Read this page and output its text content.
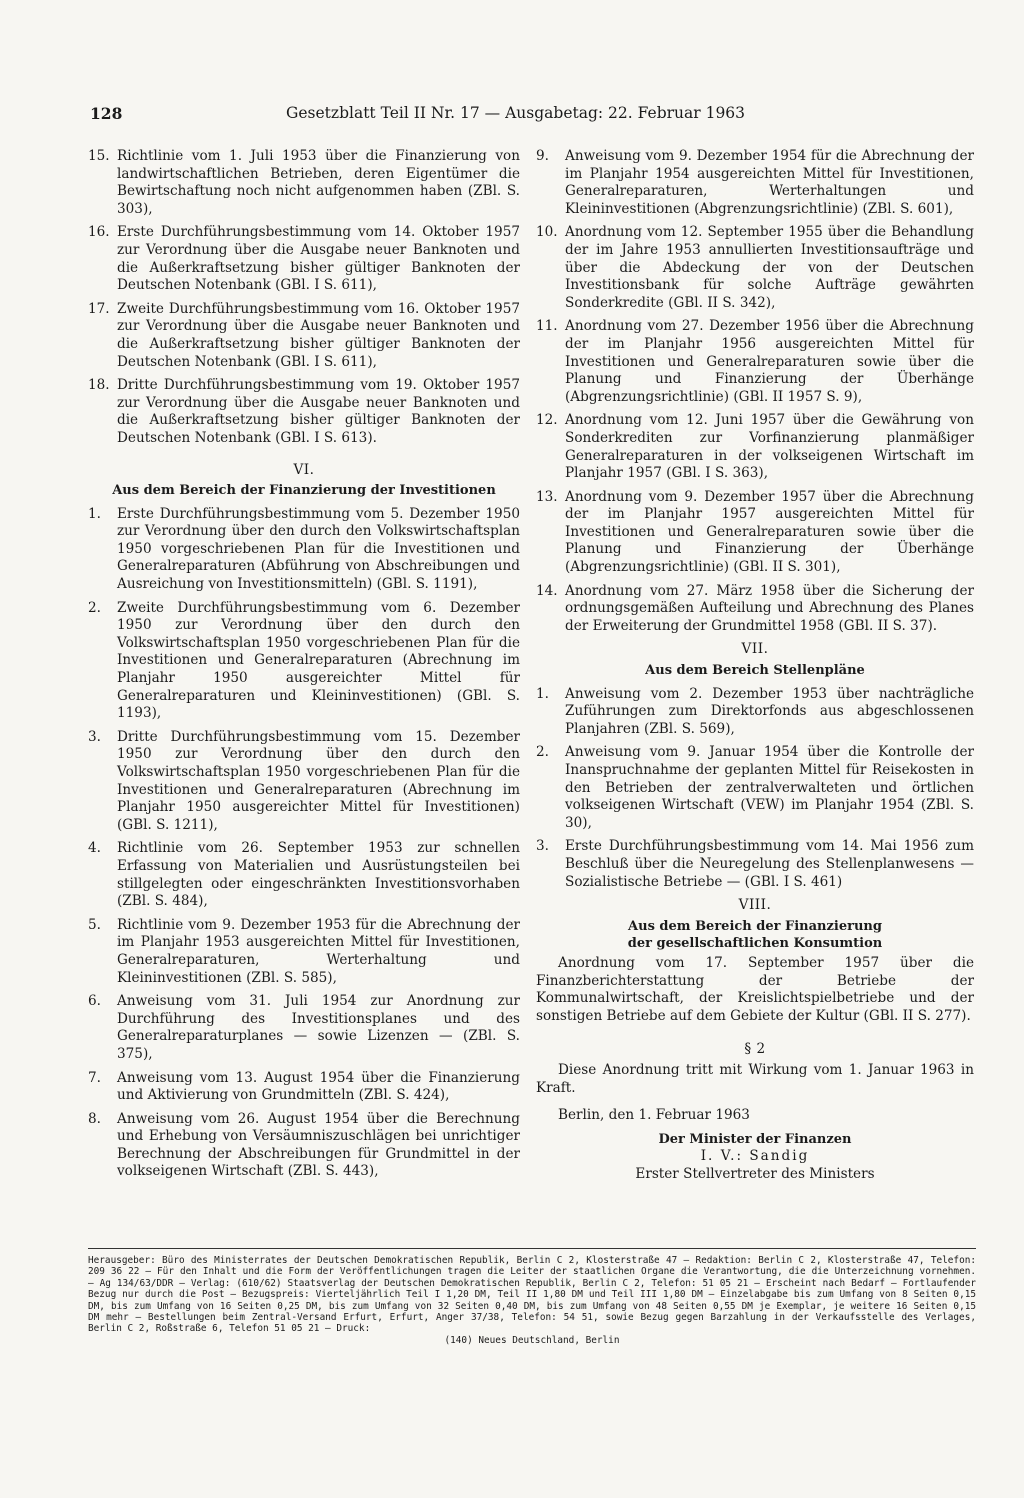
128	Gesetzblatt Teil II Nr. 17 — Ausgabetag: 22. Februar 1963
15. Richtlinie vom 1. Juli 1953 über die Finanzierung von landwirtschaftlichen Betrieben, deren Eigentümer die Bewirtschaftung noch nicht aufgenommen haben (ZBl. S. 303),
16. Erste Durchführungsbestimmung vom 14. Oktober 1957 zur Verordnung über die Ausgabe neuer Banknoten und die Außerkraftsetzung bisher gültiger Banknoten der Deutschen Notenbank (GBl. I S. 611),
17. Zweite Durchführungsbestimmung vom 16. Oktober 1957 zur Verordnung über die Ausgabe neuer Banknoten und die Außerkraftsetzung bisher gültiger Banknoten der Deutschen Notenbank (GBl. I S. 611),
18. Dritte Durchführungsbestimmung vom 19. Oktober 1957 zur Verordnung über die Ausgabe neuer Banknoten und die Außerkraftsetzung bisher gültiger Banknoten der Deutschen Notenbank (GBl. I S. 613).
VI.
Aus dem Bereich der Finanzierung der Investitionen
1.	Erste Durchführungsbestimmung vom 5. Dezember 1950 zur Verordnung über den durch den Volkswirtschaftsplan 1950 vorgeschriebenen Plan für die Investitionen und Generalreparaturen (Abführung von Abschreibungen und Ausreichung von Investitionsmitteln) (GBl. S. 1191),
2.	Zweite Durchführungsbestimmung vom 6. Dezember 1950 zur Verordnung über den durch den Volkswirtschaftsplan 1950 vorgeschriebenen Plan für die Investitionen und Generalreparaturen (Abrechnung im Planjahr 1950 ausgereichter Mittel für Generalreparaturen und Kleininvestitionen) (GBl. S. 1193),
3.	Dritte Durchführungsbestimmung vom 15. Dezember 1950 zur Verordnung über den durch den Volkswirtschaftsplan 1950 vorgeschriebenen Plan für die Investitionen und Generalreparaturen (Abrechnung im Planjahr 1950 ausgereichter Mittel für Investitionen) (GBl. S. 1211),
4.	Richtlinie vom 26. September 1953 zur schnellen Erfassung von Materialien und Ausrüstungsteilen bei stillgelegten oder eingeschränkten Investitionsvorhaben (ZBl. S. 484),
5.	Richtlinie vom 9. Dezember 1953 für die Abrechnung der im Planjahr 1953 ausgereichten Mittel für Investitionen, Generalreparaturen, Werterhaltung und Kleininvestitionen (ZBl. S. 585),
6.	Anweisung vom 31. Juli 1954 zur Anordnung zur Durchführung des Investitionsplanes und des Generalreparaturplanes — sowie Lizenzen — (ZBl. S. 375),
7.	Anweisung vom 13. August 1954 über die Finanzierung und Aktivierung von Grundmitteln (ZBl. S. 424),
8.	Anweisung vom 26. August 1954 über die Berechnung und Erhebung von Versäumniszuschlägen bei unrichtiger Berechnung der Abschreibungen für Grundmittel in der volkseigenen Wirtschaft (ZBl. S. 443),
9.	Anweisung vom 9. Dezember 1954 für die Abrechnung der im Planjahr 1954 ausgereichten Mittel für Investitionen, Generalreparaturen, Werterhaltungen und Kleininvestitionen (Abgrenzungsrichtlinie) (ZBl. S. 601),
10. Anordnung vom 12. September 1955 über die Behandlung der im Jahre 1953 annullierten Investitionsaufträge und über die Abdeckung der von der Deutschen Investitionsbank für solche Aufträge gewährten Sonderkredite (GBl. II S. 342),
11. Anordnung vom 27. Dezember 1956 über die Abrechnung der im Planjahr 1956 ausgereichten Mittel für Investitionen und Generalreparaturen sowie über die Planung und Finanzierung der Überhänge (Abgrenzungsrichtlinie) (GBl. II 1957 S. 9),
12. Anordnung vom 12. Juni 1957 über die Gewährung von Sonderkrediten zur Vorfinanzierung planmäßiger Generalreparaturen in der volkseigenen Wirtschaft im Planjahr 1957 (GBl. I S. 363),
13. Anordnung vom 9. Dezember 1957 über die Abrechnung der im Planjahr 1957 ausgereichten Mittel für Investitionen und Generalreparaturen sowie über die Planung und Finanzierung der Überhänge (Abgrenzungsrichtlinie) (GBl. II S. 301),
14. Anordnung vom 27. März 1958 über die Sicherung der ordnungsgemäßen Aufteilung und Abrechnung des Planes der Erweiterung der Grundmittel 1958 (GBl. II S. 37).
VII.
Aus dem Bereich Stellenpläne
1.	Anweisung vom 2. Dezember 1953 über nachträgliche Zuführungen zum Direktorfonds aus abgeschlossenen Planjahren (ZBl. S. 569),
2.	Anweisung vom 9. Januar 1954 über die Kontrolle der Inanspruchnahme der geplanten Mittel für Reisekosten in den Betrieben der zentralverwalteten und örtlichen volkseigenen Wirtschaft (VEW) im Planjahr 1954 (ZBl. S. 30),
3.	Erste Durchführungsbestimmung vom 14. Mai 1956 zum Beschluß über die Neuregelung des Stellenplanwesens — Sozialistische Betriebe — (GBl. I S. 461)
VIII.
Aus dem Bereich der Finanzierung
der gesellschaftlichen Konsumtion
Anordnung vom 17. September 1957 über die Finanzberichterstattung der Betriebe der Kommunalwirtschaft, der Kreislichtspielbetriebe und der sonstigen Betriebe auf dem Gebiete der Kultur (GBl. II S. 277).
§ 2
Diese Anordnung tritt mit Wirkung vom 1. Januar 1963 in Kraft.
Berlin, den 1. Februar 1963
Der Minister der Finanzen
I. V.: Sandig
Erster Stellvertreter des Ministers
Herausgeber: Büro des Ministerrates der Deutschen Demokratischen Republik, Berlin C 2, Klosterstraße 47 — Redaktion: Berlin C 2, Klosterstraße 47, Telefon: 209 36 22 — Für den Inhalt und die Form der Veröffentlichungen tragen die Leiter der staatlichen Organe die Verantwortung, die die Unterzeichnung vornehmen. — Ag 134/63/DDR — Verlag: (610/62) Staatsverlag der Deutschen Demokratischen Republik, Berlin C 2, Telefon: 51 05 21 — Erscheint nach Bedarf — Fortlaufender Bezug nur durch die Post — Bezugspreis: Vierteljährlich Teil I 1,20 DM, Teil II 1,80 DM und Teil III 1,80 DM — Einzelabgabe bis zum Umfang von 8 Seiten 0,15 DM, bis zum Umfang von 16 Seiten 0,25 DM, bis zum Umfang von 32 Seiten 0,40 DM, bis zum Umfang von 48 Seiten 0,55 DM je Exemplar, je weitere 16 Seiten 0,15 DM mehr — Bestellungen beim Zentral-Versand Erfurt, Erfurt, Anger 37/38, Telefon: 54 51, sowie Bezug gegen Barzahlung in der Verkaufsstelle des Verlages, Berlin C 2, Roßstraße 6, Telefon 51 05 21 — Druck:
(140) Neues Deutschland, Berlin
